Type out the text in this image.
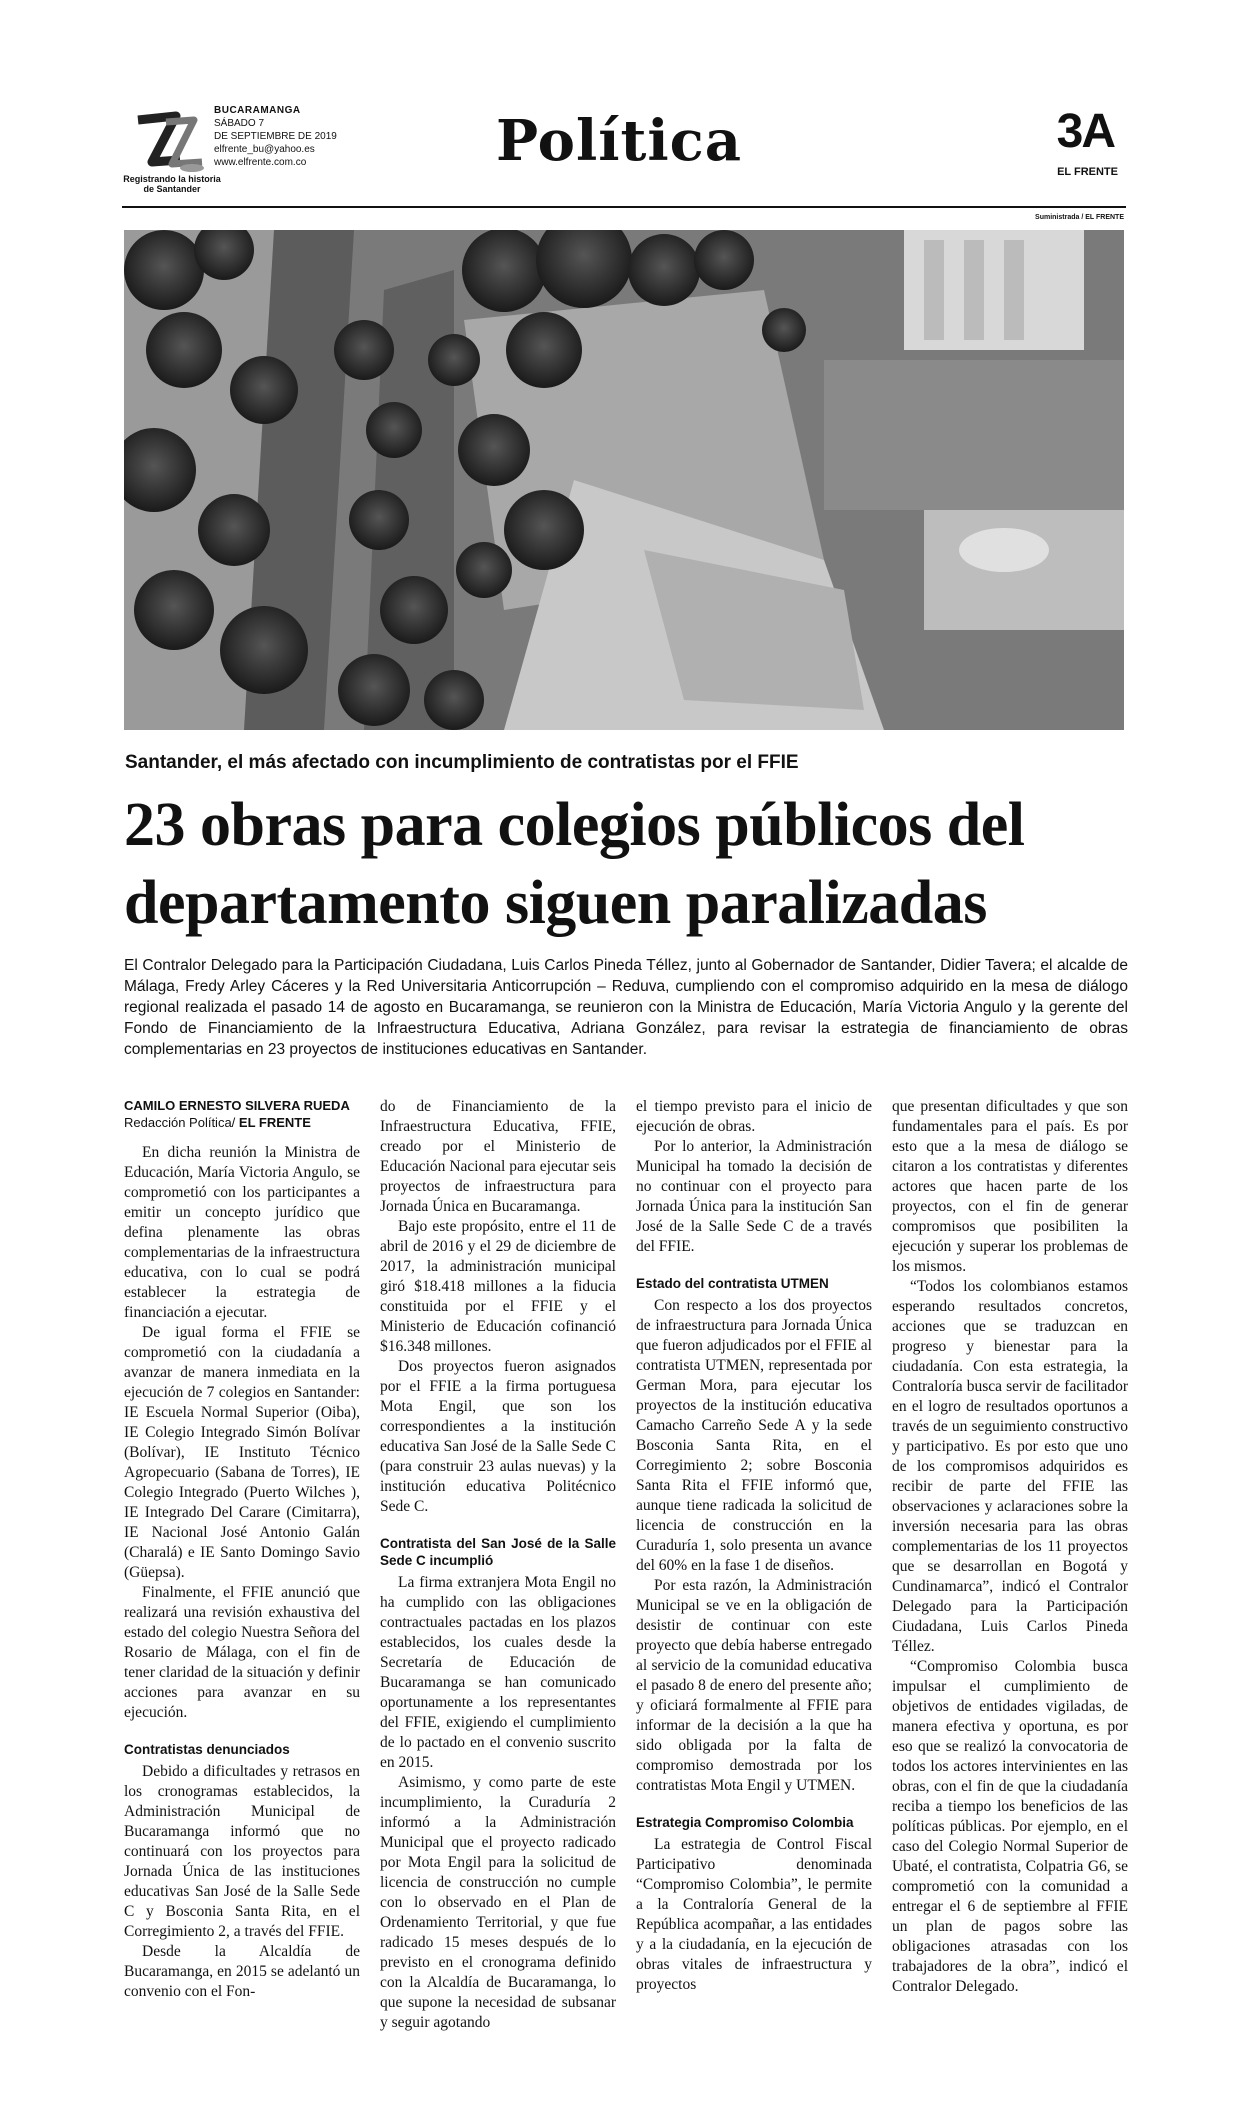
Registrando la historia de Santander
BUCARAMANGA
SÁBADO 7
DE SEPTIEMBRE DE 2019
elfrente_bu@yahoo.es
www.elfrente.com.co	Política	3A
EL FRENTE
Suministrada / EL FRENTE
Santander, el más afectado con incumplimiento de contratistas por el FFIE
23 obras para colegios públicos del departamento siguen paralizadas
El Contralor Delegado para la Participación Ciudadana, Luis Carlos Pineda Téllez, junto al Gobernador de Santander, Didier Tavera; el alcalde de Málaga, Fredy Arley Cáceres y la Red Universitaria Anticorrupción – Reduva, cumpliendo con el compromiso adquirido en la mesa de diálogo regional realizada el pasado 14 de agosto en Bucaramanga, se reunieron con la Ministra de Educación, María Victoria Angulo y la gerente del Fondo de Financiamiento de la Infraestructura Educativa, Adriana González, para revisar la estrategia de financiamiento de obras complementarias en 23 proyectos de instituciones educativas en Santander.
CAMILO ERNESTO SILVERA RUEDA
Redacción Política/ EL FRENTE

En dicha reunión la Ministra de Educación, María Victoria Angulo, se comprometió con los participantes a emitir un concepto jurídico que defina plenamente las obras complementarias de la infraestructura educativa, con lo cual se podrá establecer la estrategia de financiación a ejecutar.

De igual forma el FFIE se comprometió con la ciudadanía a avanzar de manera inmediata en la ejecución de 7 colegios en Santander: IE Escuela Normal Superior (Oiba), IE Colegio Integrado Simón Bolívar (Bolívar), IE Instituto Técnico Agropecuario (Sabana de Torres), IE Colegio Integrado (Puerto Wilches ), IE Integrado Del Carare (Cimitarra), IE Nacional José Antonio Galán (Charalá) e IE Santo Domingo Savio (Güepsa).

Finalmente, el FFIE anunció que realizará una revisión exhaustiva del estado del colegio Nuestra Señora del Rosario de Málaga, con el fin de tener claridad de la situación y definir acciones para avanzar en su ejecución.

Contratistas denunciados

Debido a dificultades y retrasos en los cronogramas establecidos, la Administración Municipal de Bucaramanga informó que no continuará con los proyectos para Jornada Única de las instituciones educativas San José de la Salle Sede C y Bosconia Santa Rita, en el Corregimiento 2, a través del FFIE.

Desde la Alcaldía de Bucaramanga, en 2015 se adelantó un convenio con el Fon-

do de Financiamiento de la Infraestructura Educativa, FFIE, creado por el Ministerio de Educación Nacional para ejecutar seis proyectos de infraestructura para Jornada Única en Bucaramanga.

Bajo este propósito, entre el 11 de abril de 2016 y el 29 de diciembre de 2017, la administración municipal giró $18.418 millones a la fiducia constituida por el FFIE y el Ministerio de Educación cofinanció $16.348 millones.

Dos proyectos fueron asignados por el FFIE a la firma portuguesa Mota Engil, que son los correspondientes a la institución educativa San José de la Salle Sede C (para construir 23 aulas nuevas) y la institución educativa Politécnico Sede C.

Contratista del San José de la Salle Sede C incumplió

La firma extranjera Mota Engil no ha cumplido con las obligaciones contractuales pactadas en los plazos establecidos, los cuales desde la Secretaría de Educación de Bucaramanga se han comunicado oportunamente a los representantes del FFIE, exigiendo el cumplimiento de lo pactado en el convenio suscrito en 2015.

Asimismo, y como parte de este incumplimiento, la Curaduría 2 informó a la Administración Municipal que el proyecto radicado por Mota Engil para la solicitud de licencia de construcción no cumple con lo observado en el Plan de Ordenamiento Territorial, y que fue radicado 15 meses después de lo previsto en el cronograma definido con la Alcaldía de Bucaramanga, lo que supone la necesidad de subsanar y seguir agotando

el tiempo previsto para el inicio de ejecución de obras.

Por lo anterior, la Administración Municipal ha tomado la decisión de no continuar con el proyecto para Jornada Única para la institución San José de la Salle Sede C de a través del FFIE.

Estado del contratista UTMEN

Con respecto a los dos proyectos de infraestructura para Jornada Única que fueron adjudicados por el FFIE al contratista UTMEN, representada por German Mora, para ejecutar los proyectos de la institución educativa Camacho Carreño Sede A y la sede Bosconia Santa Rita, en el Corregimiento 2; sobre Bosconia Santa Rita el FFIE informó que, aunque tiene radicada la solicitud de licencia de construcción en la Curaduría 1, solo presenta un avance del 60% en la fase 1 de diseños.

Por esta razón, la Administración Municipal se ve en la obligación de desistir de continuar con este proyecto que debía haberse entregado al servicio de la comunidad educativa el pasado 8 de enero del presente año; y oficiará formalmente al FFIE para informar de la decisión a la que ha sido obligada por la falta de compromiso demostrada por los contratistas Mota Engil y UTMEN.

Estrategia Compromiso Colombia

La estrategia de Control Fiscal Participativo denominada “Compromiso Colombia”, le permite a la Contraloría General de la República acompañar, a las entidades y a la ciudadanía, en la ejecución de obras vitales de infraestructura y proyectos

que presentan dificultades y que son fundamentales para el país. Es por esto que a la mesa de diálogo se citaron a los contratistas y diferentes actores que hacen parte de los proyectos, con el fin de generar compromisos que posibiliten la ejecución y superar los problemas de los mismos.

“Todos los colombianos estamos esperando resultados concretos, acciones que se traduzcan en progreso y bienestar para la ciudadanía. Con esta estrategia, la Contraloría busca servir de facilitador en el logro de resultados oportunos a través de un seguimiento constructivo y participativo. Es por esto que uno de los compromisos adquiridos es recibir de parte del FFIE las observaciones y aclaraciones sobre la inversión necesaria para las obras complementarias de los 11 proyectos que se desarrollan en Bogotá y Cundinamarca”, indicó el Contralor Delegado para la Participación Ciudadana, Luis Carlos Pineda Téllez.

“Compromiso Colombia busca impulsar el cumplimiento de objetivos de entidades vigiladas, de manera efectiva y oportuna, es por eso que se realizó la convocatoria de todos los actores intervinientes en las obras, con el fin de que la ciudadanía reciba a tiempo los beneficios de las políticas públicas. Por ejemplo, en el caso del Colegio Normal Superior de Ubaté, el contratista, Colpatria G6, se comprometió con la comunidad a entregar el 6 de septiembre al FFIE un plan de pagos sobre las obligaciones atrasadas con los trabajadores de la obra”, indicó el Contralor Delegado.
